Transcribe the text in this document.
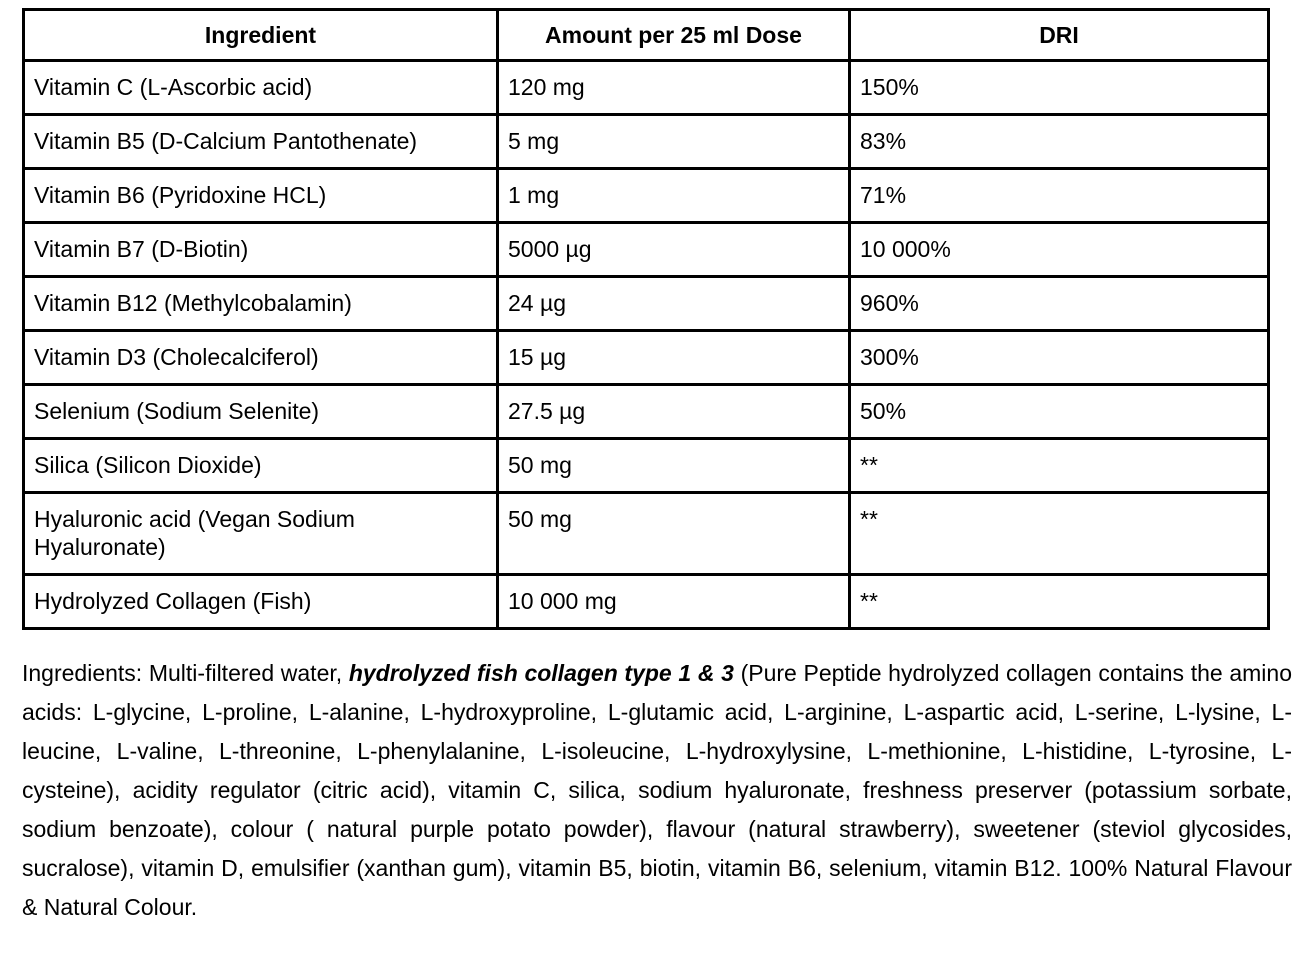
Ingredient	Amount per 25 ml Dose	DRI
Vitamin C (L-Ascorbic acid)	120 mg	150%
Vitamin B5 (D-Calcium Pantothenate)	5 mg	83%
Vitamin B6 (Pyridoxine HCL)	1 mg	71%
Vitamin B7 (D-Biotin)	5000 µg	10 000%
Vitamin B12 (Methylcobalamin)	24 µg	960%
Vitamin D3 (Cholecalciferol)	15 µg	300%
Selenium (Sodium Selenite)	27.5 µg	50%
Silica (Silicon Dioxide)	50 mg	**
Hyaluronic acid (Vegan Sodium Hyaluronate)	50 mg	**
Hydrolyzed Collagen (Fish)	10 000 mg	**

Ingredients: Multi-filtered water, hydrolyzed fish collagen type 1 & 3 (Pure Peptide hydrolyzed collagen contains the amino acids: L-glycine, L-proline, L-alanine, L-hydroxyproline, L-glutamic acid, L-arginine, L-aspartic acid, L-serine, L-lysine, L-leucine, L-valine, L-threonine, L-phenylalanine, L-isoleucine, L-hydroxylysine, L-methionine, L-histidine, L-tyrosine, L-cysteine), acidity regulator (citric acid), vitamin C, silica, sodium hyaluronate, freshness preserver (potassium sorbate, sodium benzoate), colour ( natural purple potato powder), flavour (natural strawberry), sweetener (steviol glycosides, sucralose), vitamin D, emulsifier (xanthan gum), vitamin B5, biotin, vitamin B6, selenium, vitamin B12. 100% Natural Flavour & Natural Colour.
